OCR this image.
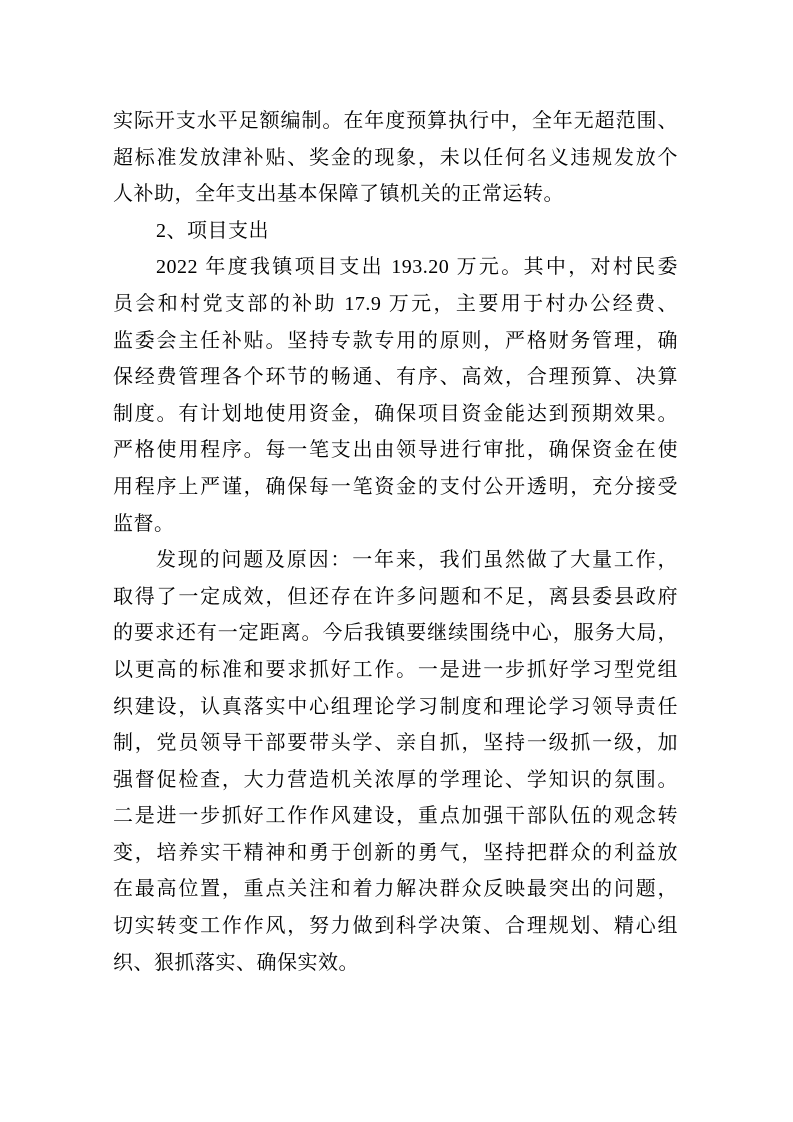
实际开支水平足额编制。在年度预算执行中，全年无超范围、
超标准发放津补贴、奖金的现象，未以任何名义违规发放个
人补助，全年支出基本保障了镇机关的正常运转。
2、项目支出
2022 年度我镇项目支出 193.20 万元。其中，对村民委
员会和村党支部的补助 17.9 万元，主要用于村办公经费、
监委会主任补贴。坚持专款专用的原则，严格财务管理，确
保经费管理各个环节的畅通、有序、高效，合理预算、决算
制度。有计划地使用资金，确保项目资金能达到预期效果。
严格使用程序。每一笔支出由领导进行审批，确保资金在使
用程序上严谨，确保每一笔资金的支付公开透明，充分接受
监督。
发现的问题及原因：一年来，我们虽然做了大量工作，
取得了一定成效，但还存在许多问题和不足，离县委县政府
的要求还有一定距离。今后我镇要继续围绕中心，服务大局，
以更高的标准和要求抓好工作。一是进一步抓好学习型党组
织建设，认真落实中心组理论学习制度和理论学习领导责任
制，党员领导干部要带头学、亲自抓，坚持一级抓一级，加
强督促检查，大力营造机关浓厚的学理论、学知识的氛围。
二是进一步抓好工作作风建设，重点加强干部队伍的观念转
变，培养实干精神和勇于创新的勇气，坚持把群众的利益放
在最高位置，重点关注和着力解决群众反映最突出的问题，
切实转变工作作风，努力做到科学决策、合理规划、精心组
织、狠抓落实、确保实效。
